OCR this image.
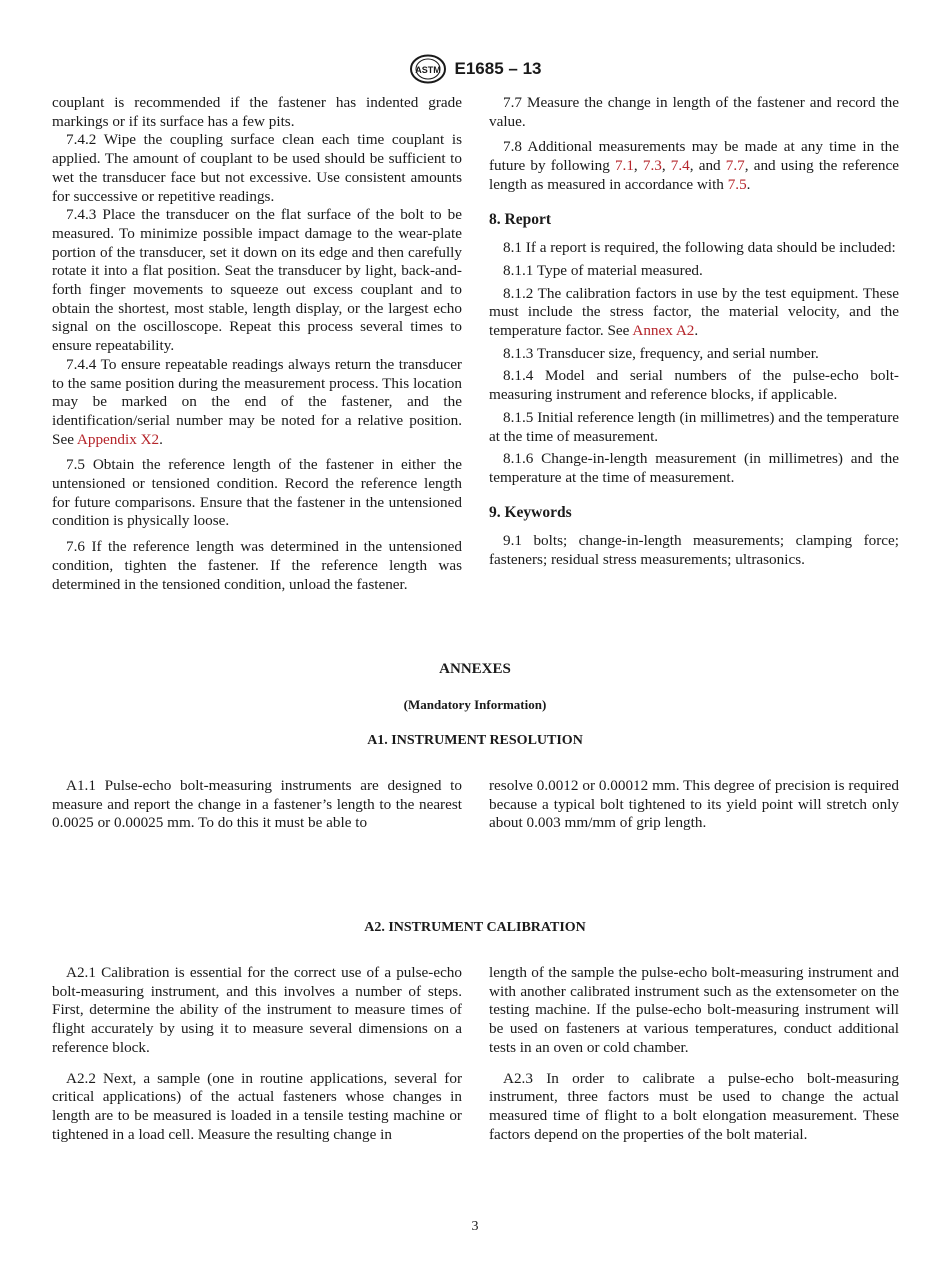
ASTM E1685 – 13

couplant is recommended if the fastener has indented grade markings or if its surface has a few pits.

7.4.2 Wipe the coupling surface clean each time couplant is applied. The amount of couplant to be used should be sufficient to wet the transducer face but not excessive. Use consistent amounts for successive or repetitive readings.

7.4.3 Place the transducer on the flat surface of the bolt to be measured. To minimize possible impact damage to the wear-plate portion of the transducer, set it down on its edge and then carefully rotate it into a flat position. Seat the transducer by light, back-and-forth finger movements to squeeze out excess couplant and to obtain the shortest, most stable, length display, or the largest echo signal on the oscilloscope. Repeat this process several times to ensure repeatability.

7.4.4 To ensure repeatable readings always return the transducer to the same position during the measurement process. This location may be marked on the end of the fastener, and the identification/serial number may be noted for a relative position. See Appendix X2.

7.5 Obtain the reference length of the fastener in either the untensioned or tensioned condition. Record the reference length for future comparisons. Ensure that the fastener in the untensioned condition is physically loose.

7.6 If the reference length was determined in the untensioned condition, tighten the fastener. If the reference length was determined in the tensioned condition, unload the fastener.

7.7 Measure the change in length of the fastener and record the value.

7.8 Additional measurements may be made at any time in the future by following 7.1, 7.3, 7.4, and 7.7, and using the reference length as measured in accordance with 7.5.

8. Report

8.1 If a report is required, the following data should be included:

8.1.1 Type of material measured.

8.1.2 The calibration factors in use by the test equipment. These must include the stress factor, the material velocity, and the temperature factor. See Annex A2.

8.1.3 Transducer size, frequency, and serial number.

8.1.4 Model and serial numbers of the pulse-echo bolt-measuring instrument and reference blocks, if applicable.

8.1.5 Initial reference length (in millimetres) and the temperature at the time of measurement.

8.1.6 Change-in-length measurement (in millimetres) and the temperature at the time of measurement.

9. Keywords

9.1 bolts; change-in-length measurements; clamping force; fasteners; residual stress measurements; ultrasonics.

ANNEXES
(Mandatory Information)
A1. INSTRUMENT RESOLUTION

A1.1 Pulse-echo bolt-measuring instruments are designed to measure and report the change in a fastener’s length to the nearest 0.0025 or 0.00025 mm. To do this it must be able to

resolve 0.0012 or 0.00012 mm. This degree of precision is required because a typical bolt tightened to its yield point will stretch only about 0.003 mm/mm of grip length.

A2. INSTRUMENT CALIBRATION

A2.1 Calibration is essential for the correct use of a pulse-echo bolt-measuring instrument, and this involves a number of steps. First, determine the ability of the instrument to measure times of flight accurately by using it to measure several dimensions on a reference block.

A2.2 Next, a sample (one in routine applications, several for critical applications) of the actual fasteners whose changes in length are to be measured is loaded in a tensile testing machine or tightened in a load cell. Measure the resulting change in

length of the sample the pulse-echo bolt-measuring instrument and with another calibrated instrument such as the extensometer on the testing machine. If the pulse-echo bolt-measuring instrument will be used on fasteners at various temperatures, conduct additional tests in an oven or cold chamber.

A2.3 In order to calibrate a pulse-echo bolt-measuring instrument, three factors must be used to change the actual measured time of flight to a bolt elongation measurement. These factors depend on the properties of the bolt material.

3
